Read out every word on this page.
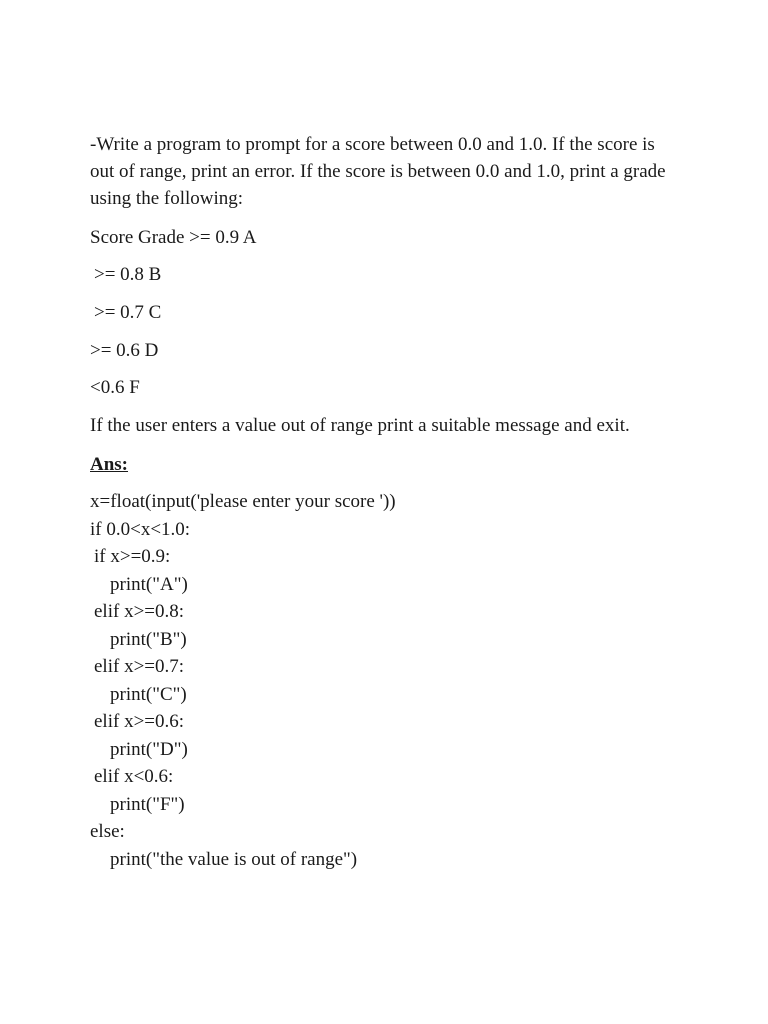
-Write a program to prompt for a score between 0.0 and 1.0. If the score is out of range, print an error. If the score is between 0.0 and 1.0, print a grade using the following:

Score Grade >= 0.9 A

>= 0.8 B

>= 0.7 C

>= 0.6 D

<0.6 F

If the user enters a value out of range print a suitable message and exit.

Ans:

x=float(input('please enter your score '))

if 0.0<x<1.0:

if x>=0.9:

print("A")

elif x>=0.8:

print("B")

elif x>=0.7:

print("C")

elif x>=0.6:

print("D")

elif x<0.6:

print("F")

else:

print("the value is out of range")
